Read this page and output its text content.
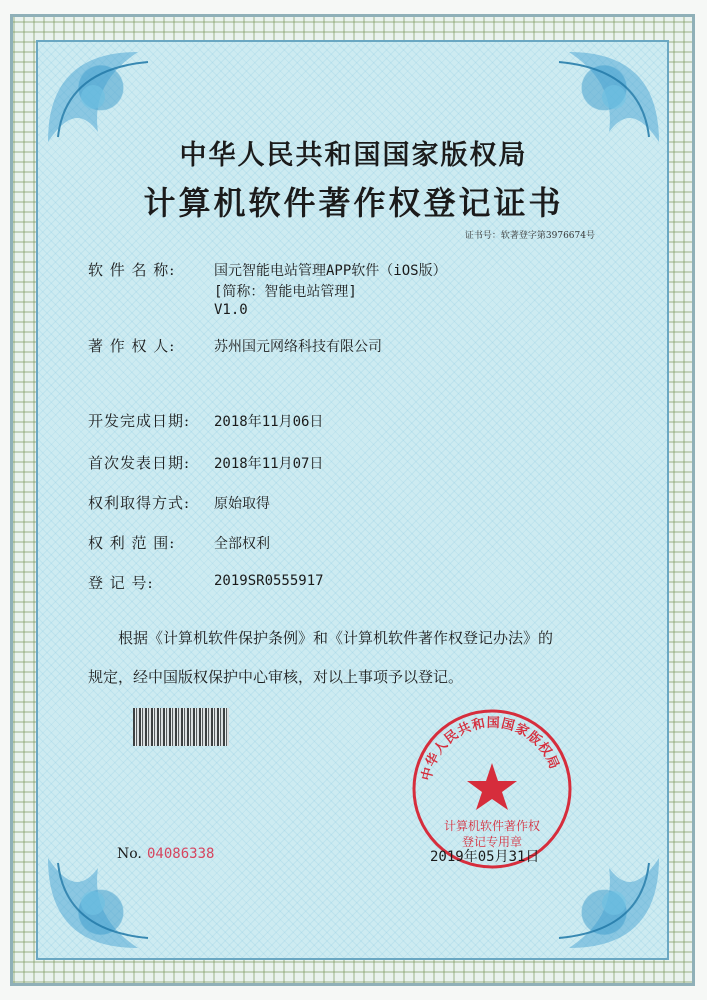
中华人民共和国国家版权局
计算机软件著作权登记证书
证书号：软著登字第3976674号
软 件 名 称:	国元智能电站管理APP软件（iOS版）
[简称：智能电站管理]
V1.0
著 作 权 人:	苏州国元网络科技有限公司
开发完成日期: 2018年11月06日
首次发表日期: 2018年11月07日
权利取得方式: 原始取得
权 利 范 围:	全部权利
登 记 号:	2019SR0555917
根据《计算机软件保护条例》和《计算机软件著作权登记办法》的
规定，经中国版权保护中心审核，对以上事项予以登记。
中华人民共和国国家版权局
计算机软件著作权
登记专用章
No. 04086338	2019年05月31日
